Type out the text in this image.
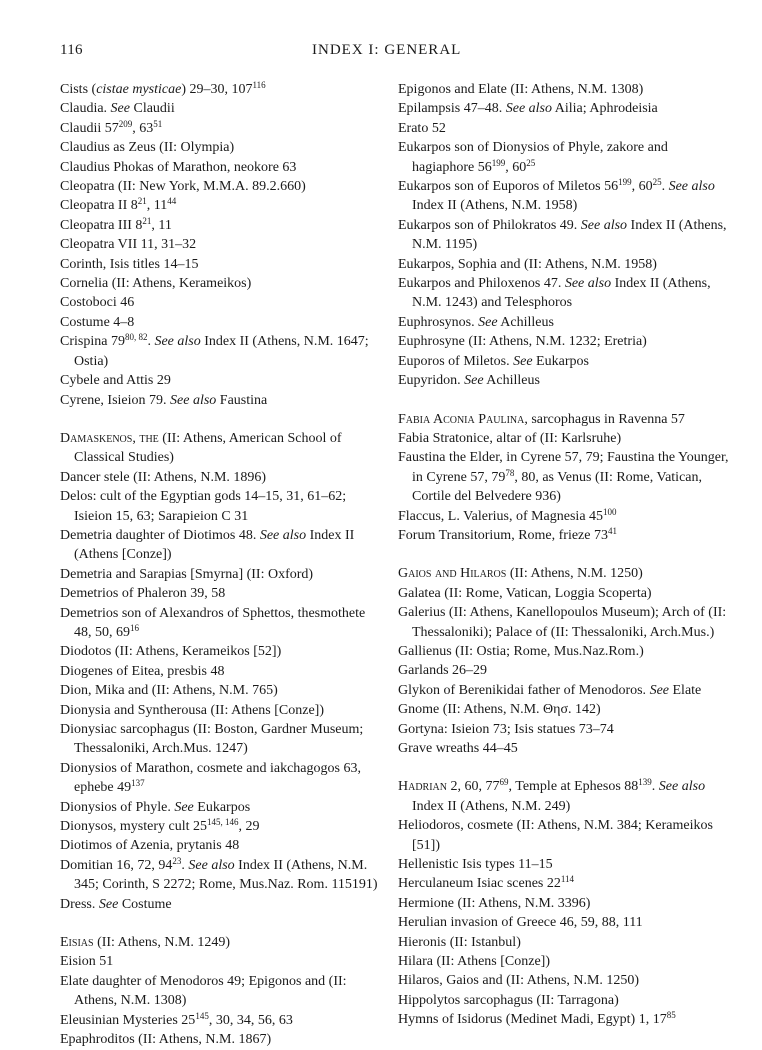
116	INDEX I: GENERAL

Cists (cistae mysticae) 29–30, $107^{116}$

Claudia. See Claudii

Claudii $57^{209}$, $63^{51}$

Claudius as Zeus (II: Olympia)

Claudius Phokas of Marathon, neokore 63

Cleopatra (II: New York, M.M.A. 89.2.660)

Cleopatra II $8^{21}$, $11^{44}$

Cleopatra III $8^{21}$, 11

Cleopatra VII 11, 31–32

Corinth, Isis titles 14–15

Cornelia (II: Athens, Kerameikos)

Costoboci 46

Costume 4–8

Crispina 79$^{80, 82}$. See also Index II (Athens, N.M. 1647; Ostia)

Cybele and Attis 29

Cyrene, Isieion 79. See also Faustina

Damaskenos, the (II: Athens, American School of Classical Studies)

Dancer stele (II: Athens, N.M. 1896)

Delos: cult of the Egyptian gods 14–15, 31, 61–62; Isieion 15, 63; Sarapieion C 31

Demetria daughter of Diotimos 48. See also Index II (Athens [Conze])

Demetria and Sarapias [Smyrna] (II: Oxford)

Demetrios of Phaleron 39, 58

Demetrios son of Alexandros of Sphettos, thesmothete 48, 50, $69^{16}$

Diodotos (II: Athens, Kerameikos [52])

Diogenes of Eitea, presbis 48

Dion, Mika and (II: Athens, N.M. 765)

Dionysia and Syntherousa (II: Athens [Conze])

Dionysiac sarcophagus (II: Boston, Gardner Museum; Thessaloniki, Arch.Mus. 1247)

Dionysios of Marathon, cosmete and iakchagogos 63, ephebe $49^{137}$

Dionysios of Phyle. See Eukarpos

Dionysos, mystery cult 25$^{145, 146}$, 29

Diotimos of Azenia, prytanis 48

Domitian 16, 72, $94^{23}$. See also Index II (Athens, N.M. 345; Corinth, S 2272; Rome, Mus.Naz. Rom. 115191)

Dress. See Costume

Eisias (II: Athens, N.M. 1249)

Eision 51

Elate daughter of Menodoros 49; Epigonos and (II: Athens, N.M. 1308)

Eleusinian Mysteries $25^{145}$, 30, 34, 56, 63

Epaphroditos (II: Athens, N.M. 1867)

Epigonos and Elate (II: Athens, N.M. 1308)

Epilampsis 47–48. See also Ailia; Aphrodeisia

Erato 52

Eukarpos son of Dionysios of Phyle, zakore and hagiaphore $56^{199}$, $60^{25}$

Eukarpos son of Euporos of Miletos $56^{199}$, $60^{25}$. See also Index II (Athens, N.M. 1958)

Eukarpos son of Philokratos 49. See also Index II (Athens, N.M. 1195)

Eukarpos, Sophia and (II: Athens, N.M. 1958)

Eukarpos and Philoxenos 47. See also Index II (Athens, N.M. 1243) and Telesphoros

Euphrosynos. See Achilleus

Euphrosyne (II: Athens, N.M. 1232; Eretria)

Euporos of Miletos. See Eukarpos

Eupyridon. See Achilleus

Fabia Aconia Paulina, sarcophagus in Ravenna 57

Fabia Stratonice, altar of (II: Karlsruhe)

Faustina the Elder, in Cyrene 57, 79; Faustina the Younger, in Cyrene 57, $79^{78}$, 80, as Venus (II: Rome, Vatican, Cortile del Belvedere 936)

Flaccus, L. Valerius, of Magnesia $45^{100}$

Forum Transitorium, Rome, frieze $73^{41}$

Gaios and Hilaros (II: Athens, N.M. 1250)

Galatea (II: Rome, Vatican, Loggia Scoperta)

Galerius (II: Athens, Kanellopoulos Museum); Arch of (II: Thessaloniki); Palace of (II: Thessaloniki, Arch.Mus.)

Gallienus (II: Ostia; Rome, Mus.Naz.Rom.)

Garlands 26–29

Glykon of Berenikidai father of Menodoros. See Elate

Gnome (II: Athens, N.M. Θησ. 142)

Gortyna: Isieion 73; Isis statues 73–74

Grave wreaths 44–45

Hadrian 2, 60, $77^{69}$, Temple at Ephesos $88^{139}$. See also Index II (Athens, N.M. 249)

Heliodoros, cosmete (II: Athens, N.M. 384; Kerameikos [51])

Hellenistic Isis types 11–15

Herculaneum Isiac scenes $22^{114}$

Hermione (II: Athens, N.M. 3396)

Herulian invasion of Greece 46, 59, 88, 111

Hieronis (II: Istanbul)

Hilara (II: Athens [Conze])

Hilaros, Gaios and (II: Athens, N.M. 1250)

Hippolytos sarcophagus (II: Tarragona)

Hymns of Isidorus (Medinet Madi, Egypt) 1, $17^{85}$
